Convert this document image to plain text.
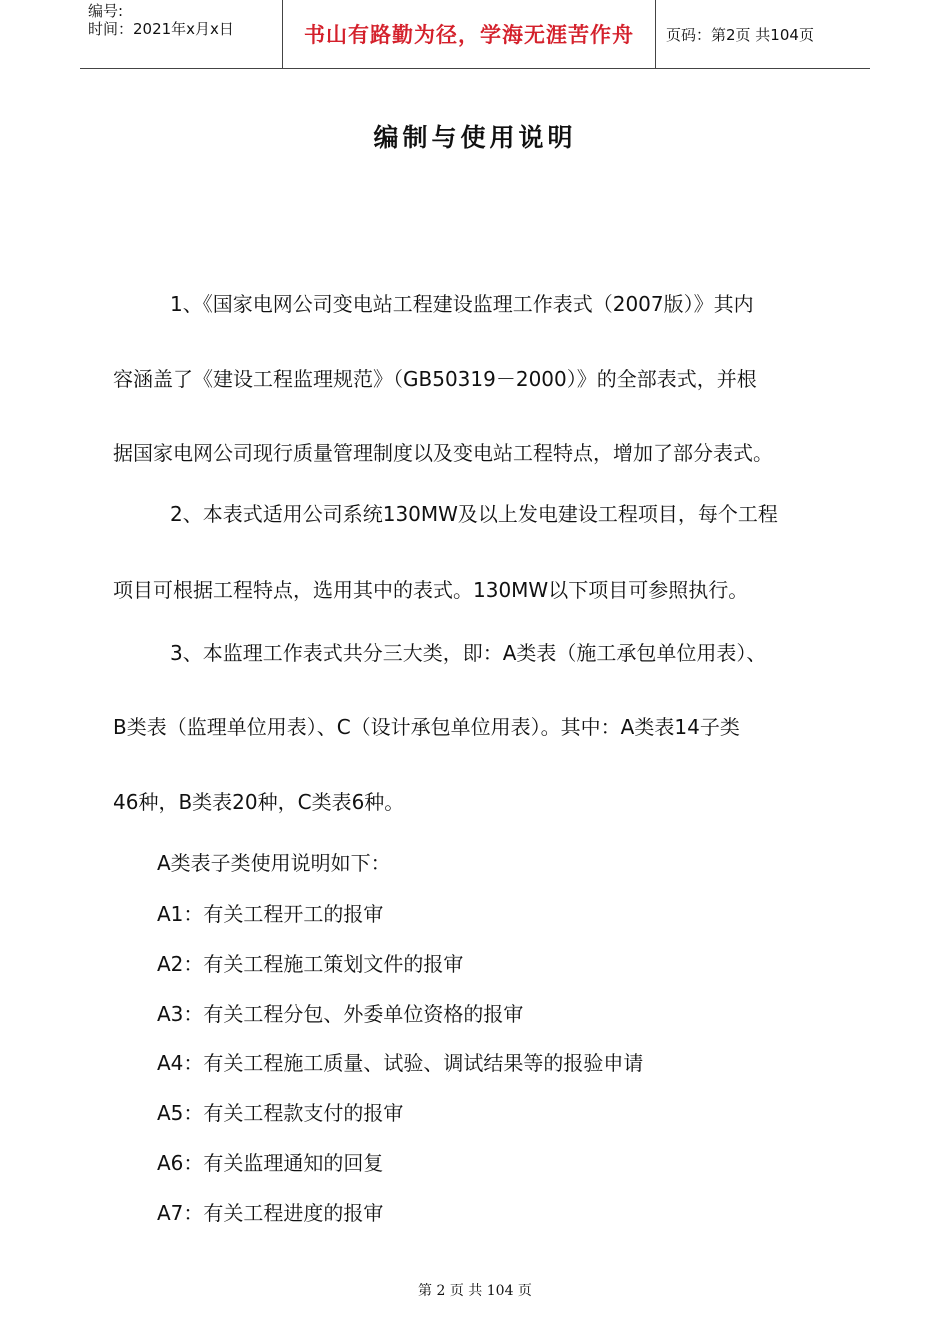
编号:
时间：2021年x月x日	书山有路勤为径，学海无涯苦作舟	页码：第2页 共104页
编制与使用说明
1、《国家电网公司变电站工程建设监理工作表式（2007版）》其内
容涵盖了《建设工程监理规范》（GB50319－2000）》的全部表式，并根
据国家电网公司现行质量管理制度以及变电站工程特点，增加了部分表式。
2、本表式适用公司系统130MW及以上发电建设工程项目，每个工程
项目可根据工程特点，选用其中的表式。130MW以下项目可参照执行。
3、本监理工作表式共分三大类，即：A类表（施工承包单位用表）、
B类表（监理单位用表）、C（设计承包单位用表）。其中：A类表14子类
46种，B类表20种，C类表6种。
A类表子类使用说明如下：
A1：有关工程开工的报审
A2：有关工程施工策划文件的报审
A3：有关工程分包、外委单位资格的报审
A4：有关工程施工质量、试验、调试结果等的报验申请
A5：有关工程款支付的报审
A6：有关监理通知的回复
A7：有关工程进度的报审
第 2 页 共 104 页
